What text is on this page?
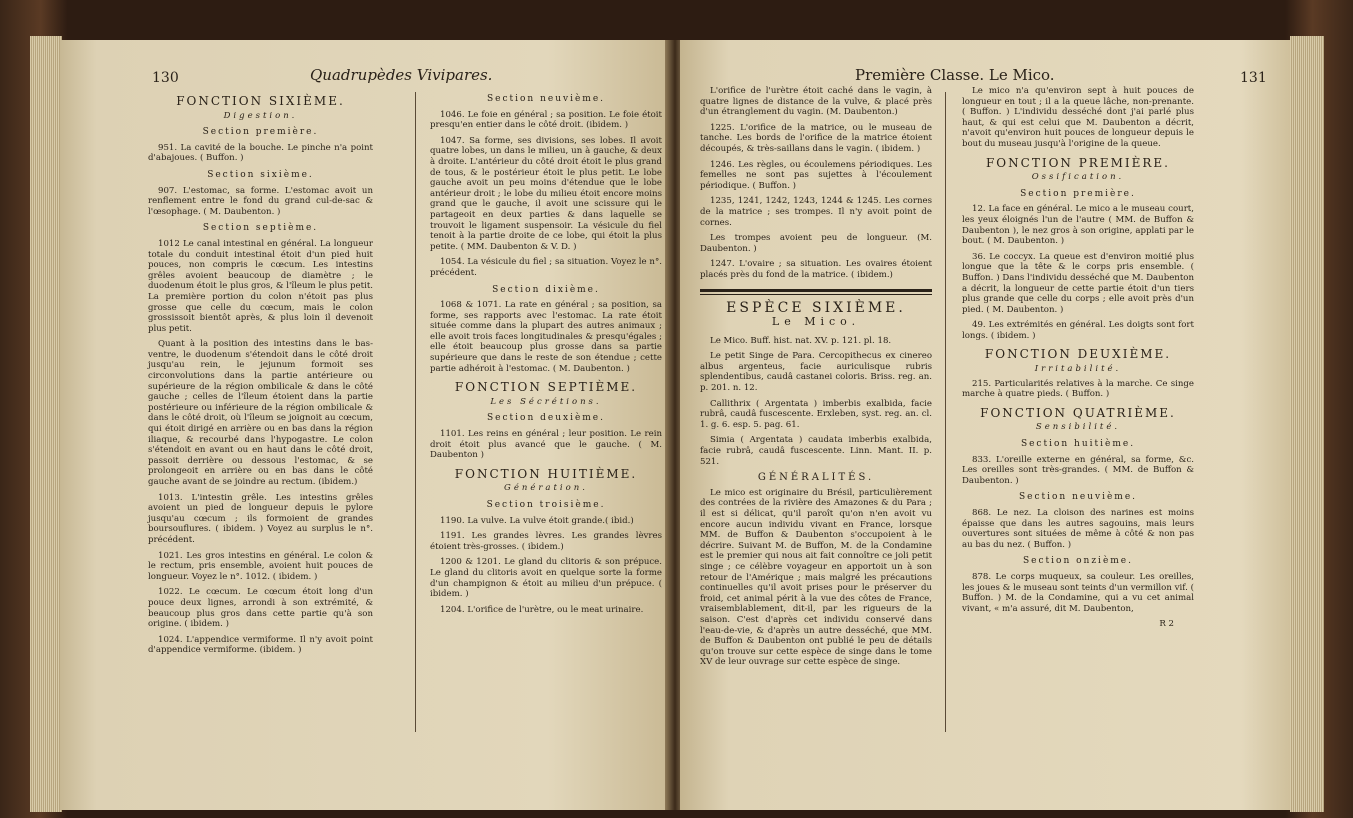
130	Quadrupèdes Vivipares.
FONCTION SIXIÈME.
Digestion.
Section première.

951. La cavité de la bouche. Le pinche n'a point d'abajoues. ( Buffon. )

Section sixième.

907. L'estomac, sa forme. L'estomac avoit un renflement entre le fond du grand cul-de-sac & l'œsophage. ( M. Daubenton. )

Section septième.

1012 Le canal intestinal en général. La longueur totale du conduit intestinal étoit d'un pied huit pouces, non compris le cœcum. Les intestins grêles avoient beaucoup de diamètre ; le duodenum étoit le plus gros, & l'îleum le plus petit. La première portion du colon n'étoit pas plus grosse que celle du cœcum, mais le colon grossissoit bientôt après, & plus loin il devenoit plus petit.

Quant à la position des intestins dans le bas-ventre, le duodenum s'étendoit dans le côté droit jusqu'au rein, le jejunum formoit ses circonvolutions dans la partie antérieure ou supérieure de la région ombilicale & dans le côté gauche ; celles de l'îleum étoient dans la partie postérieure ou inférieure de la région ombilicale & dans le côté droit, où l'îleum se joignoit au cœcum, qui étoit dirigé en arrière ou en bas dans la région iliaque, & recourbé dans l'hypogastre. Le colon s'étendoit en avant ou en haut dans le côté droit, passoit derrière ou dessous l'estomac, & se prolongeoit en arrière ou en bas dans le côté gauche avant de se joindre au rectum. (ibidem.)

1013. L'intestin grêle. Les intestins grêles avoient un pied de longueur depuis le pylore jusqu'au cœcum ; ils formoient de grandes boursouflures. ( ibidem. ) Voyez au surplus le n°. précédent.

1021. Les gros intestins en général. Le colon & le rectum, pris ensemble, avoient huit pouces de longueur. Voyez le n°. 1012. ( ibidem. )

1022. Le cœcum. Le cœcum étoit long d'un pouce deux lignes, arrondi à son extrémité, & beaucoup plus gros dans cette partie qu'à son origine. ( ibidem. )

1024. L'appendice vermiforme. Il n'y avoit point d'appendice vermiforme. (ibidem. )

Section neuvième.

1046. Le foie en général ; sa position. Le foie étoit presqu'en entier dans le côté droit. (ibidem. )

1047. Sa forme, ses divisions, ses lobes. Il avoit quatre lobes, un dans le milieu, un à gauche, & deux à droite. L'antérieur du côté droit étoit le plus grand de tous, & le postérieur étoit le plus petit. Le lobe gauche avoit un peu moins d'étendue que le lobe antérieur droit ; le lobe du milieu étoit encore moins grand que le gauche, il avoit une scissure qui le partageoit en deux parties & dans laquelle se trouvoit le ligament suspensoir. La vésicule du fiel tenoit à la partie droite de ce lobe, qui étoit la plus petite. ( MM. Daubenton & V. D. )

1054. La vésicule du fiel ; sa situation. Voyez le n°. précédent.

Section dixième.

1068 & 1071. La rate en général ; sa position, sa forme, ses rapports avec l'estomac. La rate étoit située comme dans la plupart des autres animaux ; elle avoit trois faces longitudinales & presqu'égales ; elle étoit beaucoup plus grosse dans sa partie supérieure que dans le reste de son étendue ; cette partie adhéroit à l'estomac. ( M. Daubenton. )

FONCTION SEPTIÈME.
Les Sécrétions.
Section deuxième.

1101. Les reins en général ; leur position. Le rein droit étoit plus avancé que le gauche. ( M. Daubenton )

FONCTION HUITIÈME.
Génération.
Section troisième.

1190. La vulve. La vulve étoit grande.( ibid.)

1191. Les grandes lèvres. Les grandes lèvres étoient très-grosses. ( ibidem.)

1200 & 1201. Le gland du clitoris & son prépuce. Le gland du clitoris avoit en quelque sorte la forme d'un champignon & étoit au milieu d'un prépuce. ( ibidem. )

1204. L'orifice de l'urètre, ou le meat urinaire.

Première Classe. Le Mico.	131

L'orifice de l'urètre étoit caché dans le vagin, à quatre lignes de distance de la vulve, & placé près d'un étranglement du vagin. (M. Daubenton.)

1225. L'orifice de la matrice, ou le museau de tanche. Les bords de l'orifice de la matrice étoient découpés, & très-saillans dans le vagin. ( ibidem. )

1246. Les règles, ou écoulemens périodiques. Les femelles ne sont pas sujettes à l'écoulement périodique. ( Buffon. )

1235, 1241, 1242, 1243, 1244 & 1245. Les cornes de la matrice ; ses trompes. Il n'y avoit point de cornes.

Les trompes avoient peu de longueur. (M. Daubenton. )

1247. L'ovaire ; sa situation. Les ovaires étoient placés près du fond de la matrice. ( ibidem.)

ESPÈCE SIXIÈME.
Le Mico.

Le Mico. Buff. hist. nat. XV. p. 121. pl. 18.

Le petit Singe de Para. Cercopithecus ex cinereo albus argenteus, facie auriculisque rubris splendentibus, caudâ castanei coloris. Briss. reg. an. p. 201. n. 12.

Callithrix ( Argentata ) imberbis exalbida, facie rubrâ, caudâ fuscescente. Erxleben, syst. reg. an. cl. 1. g. 6. esp. 5. pag. 61.

Simia ( Argentata ) caudata imberbis exalbida, facie rubrâ, caudâ fuscescente. Linn. Mant. II. p. 521.

GÉNÉRALITÉS.

Le mico est originaire du Brésil, particulièrement des contrées de la rivière des Amazones & du Para ; il est si délicat, qu'il paroît qu'on n'en avoit vu encore aucun individu vivant en France, lorsque MM. de Buffon & Daubenton s'occupoient à le décrire. Suivant M. de Buffon, M. de la Condamine est le premier qui nous ait fait connoître ce joli petit singe ; ce célèbre voyageur en apportoit un à son retour de l'Amérique ; mais malgré les précautions continuelles qu'il avoit prises pour le préserver du froid, cet animal périt à la vue des côtes de France, vraisemblablement, dit-il, par les rigueurs de la saison. C'est d'après cet individu conservé dans l'eau-de-vie, & d'après un autre desséché, que MM. de Buffon & Daubenton ont publié le peu de détails qu'on trouve sur cette espèce de singe dans le tome XV de leur ouvrage sur cette espèce de singe.

Le mico n'a qu'environ sept à huit pouces de longueur en tout ; il a la queue lâche, non-prenante. ( Buffon. ) L'individu desséché dont j'ai parlé plus haut, & qui est celui que M. Daubenton a décrit, n'avoit qu'environ huit pouces de longueur depuis le bout du museau jusqu'à l'origine de la queue.

FONCTION PREMIÈRE.
Ossification.
Section première.

12. La face en général. Le mico a le museau court, les yeux éloignés l'un de l'autre ( MM. de Buffon & Daubenton ), le nez gros à son origine, applati par le bout. ( M. Daubenton. )

36. Le coccyx. La queue est d'environ moitié plus longue que la tête & le corps pris ensemble. ( Buffon. ) Dans l'individu desséché que M. Daubenton a décrit, la longueur de cette partie étoit d'un tiers plus grande que celle du corps ; elle avoit près d'un pied. ( M. Daubenton. )

49. Les extrémités en général. Les doigts sont fort longs. ( ibidem. )

FONCTION DEUXIÈME.
Irritabilité.

215. Particularités relatives à la marche. Ce singe marche à quatre pieds. ( Buffon. )

FONCTION QUATRIÈME.
Sensibilité.
Section huitième.

833. L'oreille externe en général, sa forme, &c. Les oreilles sont très-grandes. ( MM. de Buffon & Daubenton. )

Section neuvième.

868. Le nez. La cloison des narines est moins épaisse que dans les autres sagouins, mais leurs ouvertures sont situées de même à côté & non pas au bas du nez. ( Buffon. )

Section onzième.

878. Le corps muqueux, sa couleur. Les oreilles, les joues & le museau sont teints d'un vermillon vif. ( Buffon. ) M. de la Condamine, qui a vu cet animal vivant, « m'a assuré, dit M. Daubenton,

R 2
